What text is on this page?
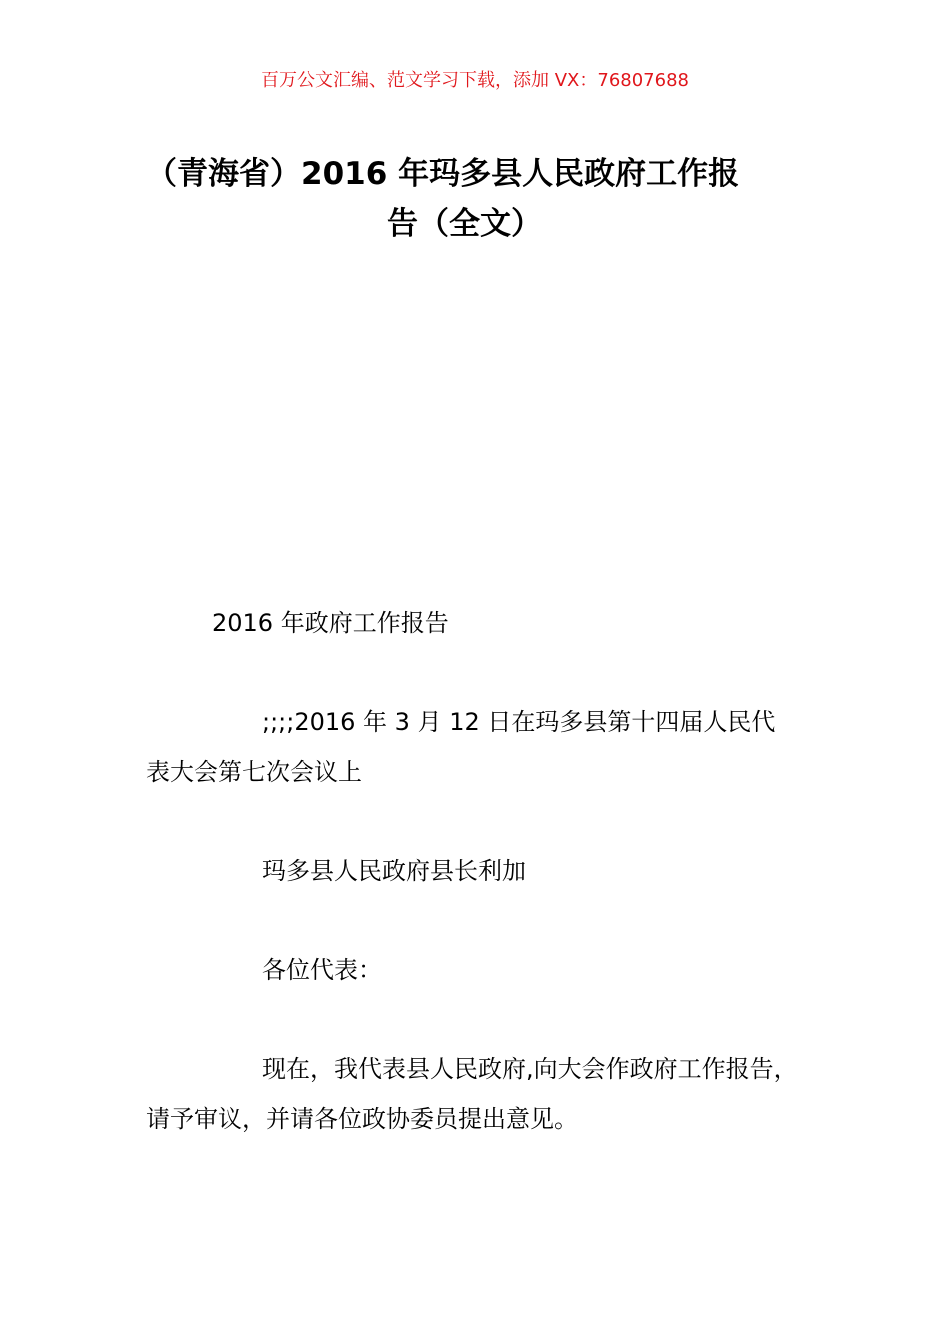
百万公文汇编、范文学习下载，添加 VX：76807688
（青海省）2016 年玛多县人民政府工作报
告（全文）
2016 年政府工作报告
;;;;2016 年 3 月 12 日在玛多县第十四届人民代
表大会第七次会议上
玛多县人民政府县长利加
各位代表：
现在，我代表县人民政府,向大会作政府工作报告，
请予审议，并请各位政协委员提出意见。
